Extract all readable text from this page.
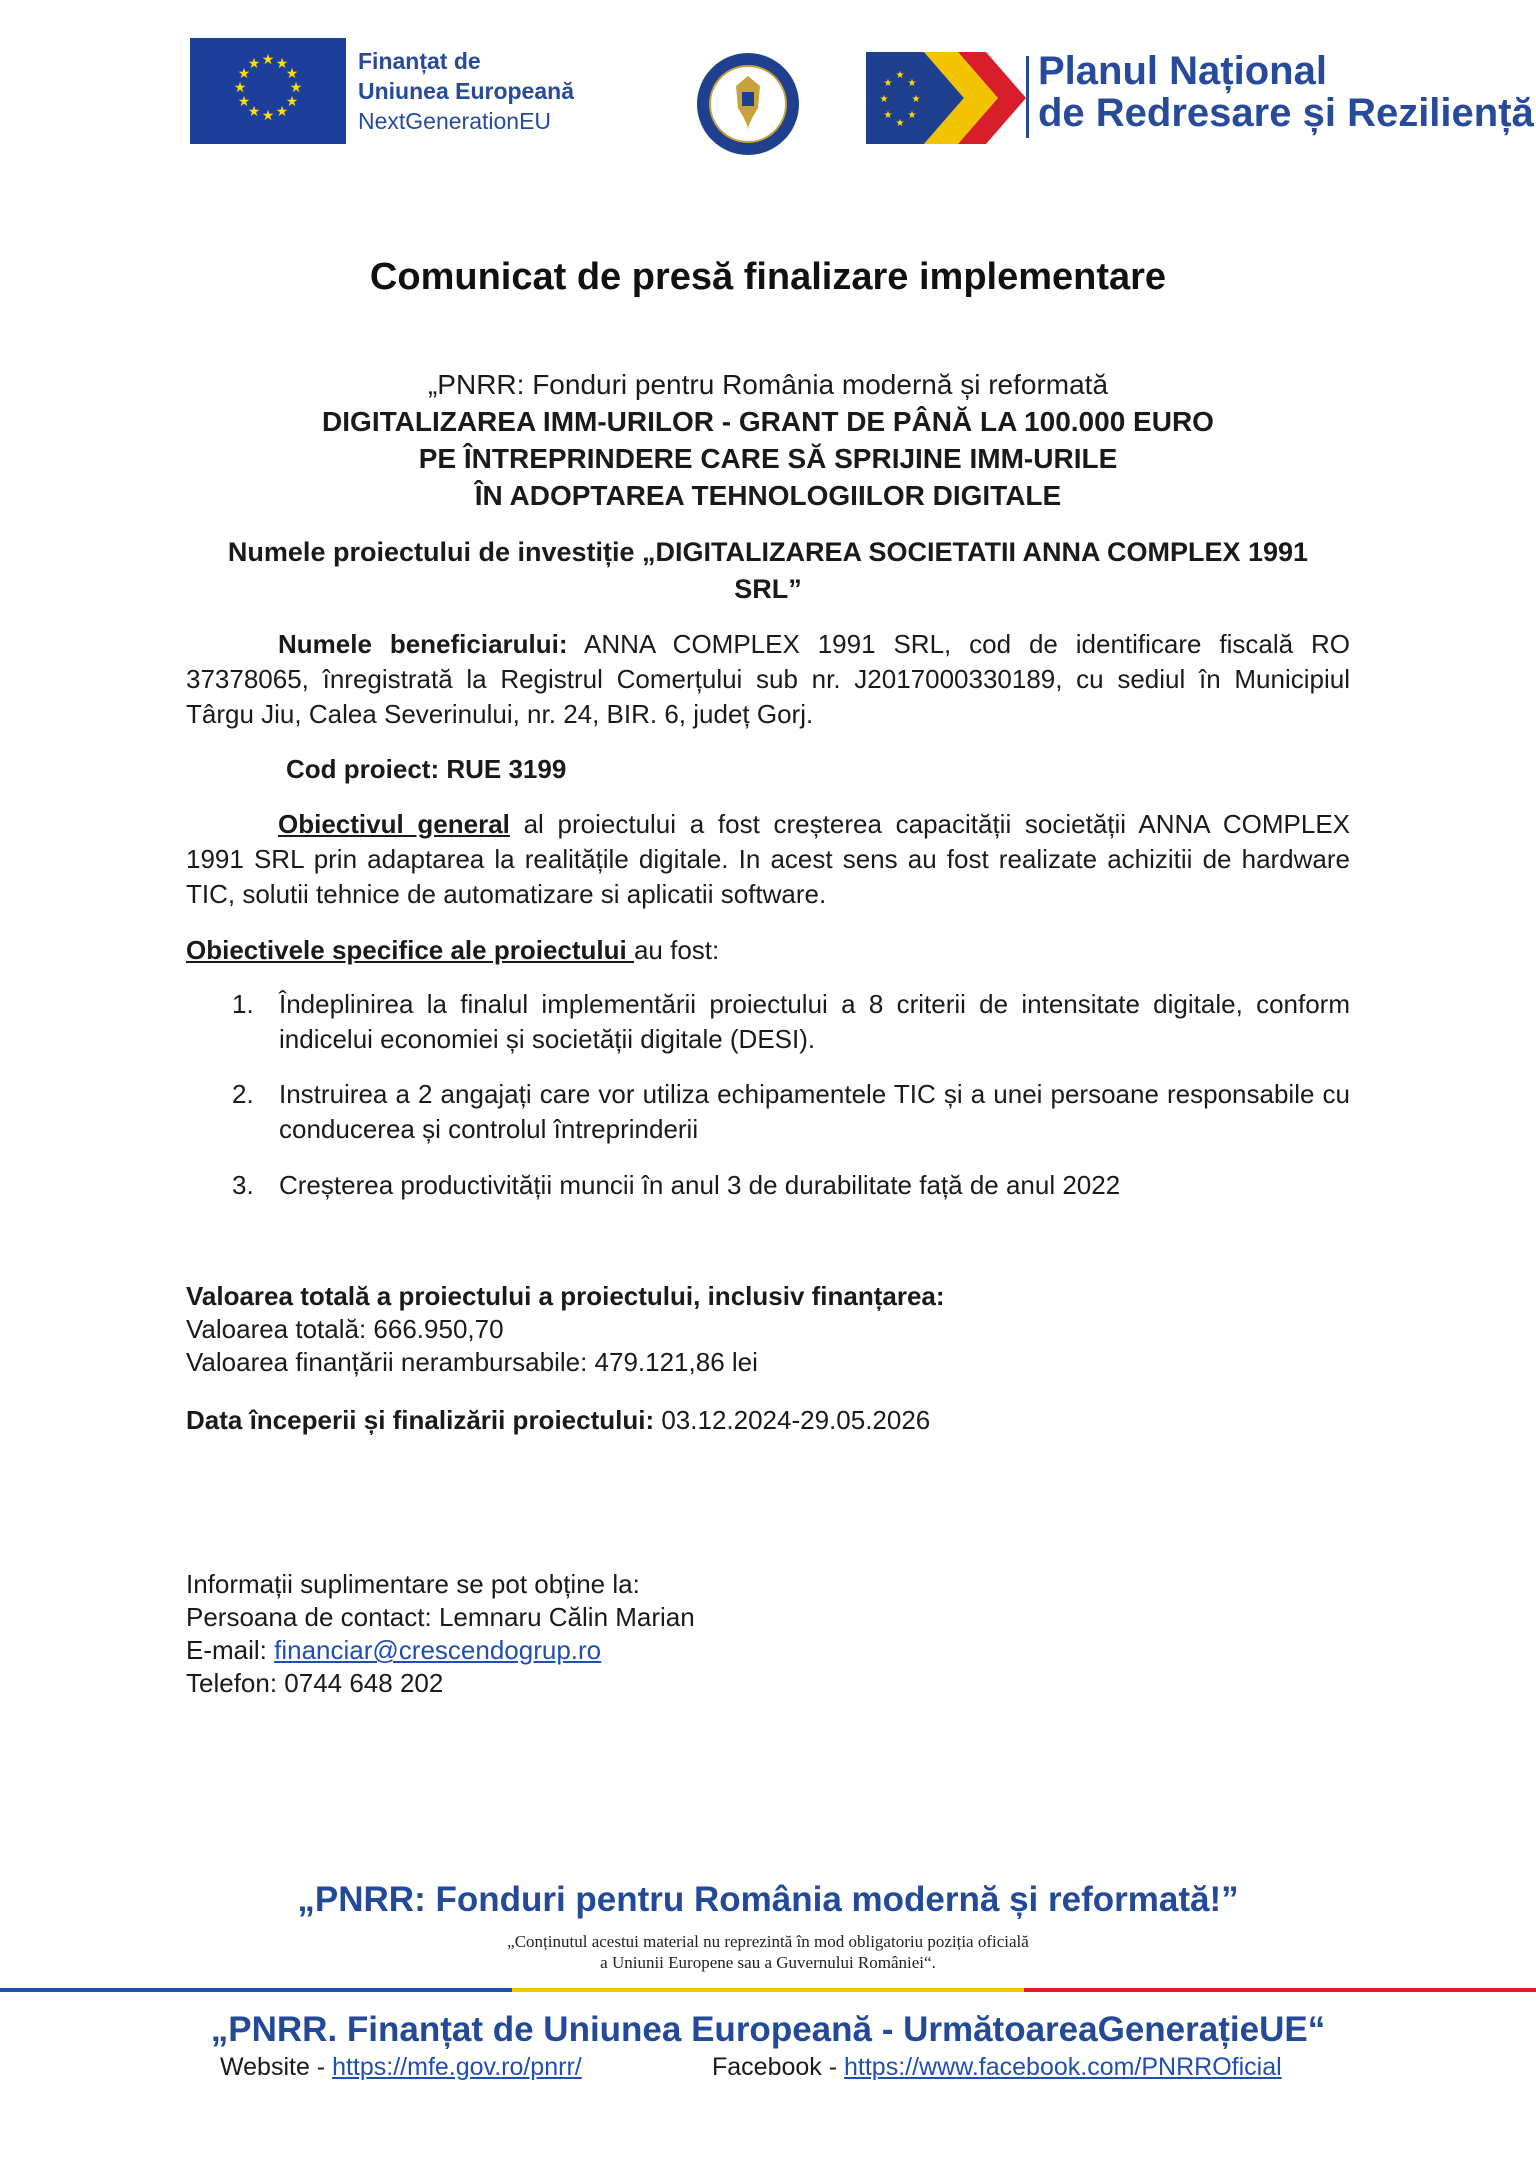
★ ★
★
★
★
★
★
★
★
★
★
★	Finanțat de
Uniunea Europeană
NextGenerationEU
★
★
★
★
★
★
★
★	Planul Național
de Redresare și Reziliență
Comunicat de presă finalizare implementare
„PNRR: Fonduri pentru România modernă și reformată
DIGITALIZAREA IMM-URILOR - GRANT DE PÂNĂ LA 100.000 EURO
PE ÎNTREPRINDERE CARE SĂ SPRIJINE IMM-URILE
ÎN ADOPTAREA TEHNOLOGIILOR DIGITALE
Numele proiectului de investiție „DIGITALIZAREA SOCIETATII ANNA COMPLEX 1991
SRL”
Numele beneficiarului: ANNA COMPLEX 1991 SRL, cod de identificare fiscală RO 37378065, înregistrată la Registrul Comerțului sub nr. J2017000330189, cu sediul în Municipiul Târgu Jiu, Calea Severinului, nr. 24, BIR. 6, județ Gorj.
Cod proiect: RUE 3199
Obiectivul general al proiectului a fost creșterea capacității societății ANNA COMPLEX 1991 SRL prin adaptarea la realitățile digitale. In acest sens au fost realizate achizitii de hardware TIC, solutii tehnice de automatizare si aplicatii software.
Obiectivele specifice ale proiectului au fost:
1. Îndeplinirea la finalul implementării proiectului a 8 criterii de intensitate digitale, conform indicelui economiei și societății digitale (DESI).
2. Instruirea a 2 angajați care vor utiliza echipamentele TIC și a unei persoane responsabile cu conducerea și controlul întreprinderii
3. Creșterea productivității muncii în anul 3 de durabilitate față de anul 2022
Valoarea totală a proiectului a proiectului, inclusiv finanțarea:
Valoarea totală: 666.950,70
Valoarea finanțării nerambursabile: 479.121,86 lei
Data începerii și finalizării proiectului: 03.12.2024-29.05.2026
Informații suplimentare se pot obține la:
Persoana de contact: Lemnaru Călin Marian
E-mail: financiar@crescendogrup.ro
Telefon: 0744 648 202
„PNRR: Fonduri pentru România modernă și reformată!”
„Conținutul acestui material nu reprezintă în mod obligatoriu poziția oficială
a Uniunii Europene sau a Guvernului României“.
„PNRR. Finanțat de Uniunea Europeană - UrmătoareaGenerațieUE“
Website - https://mfe.gov.ro/pnrr/	Facebook - https://www.facebook.com/PNRROficial
